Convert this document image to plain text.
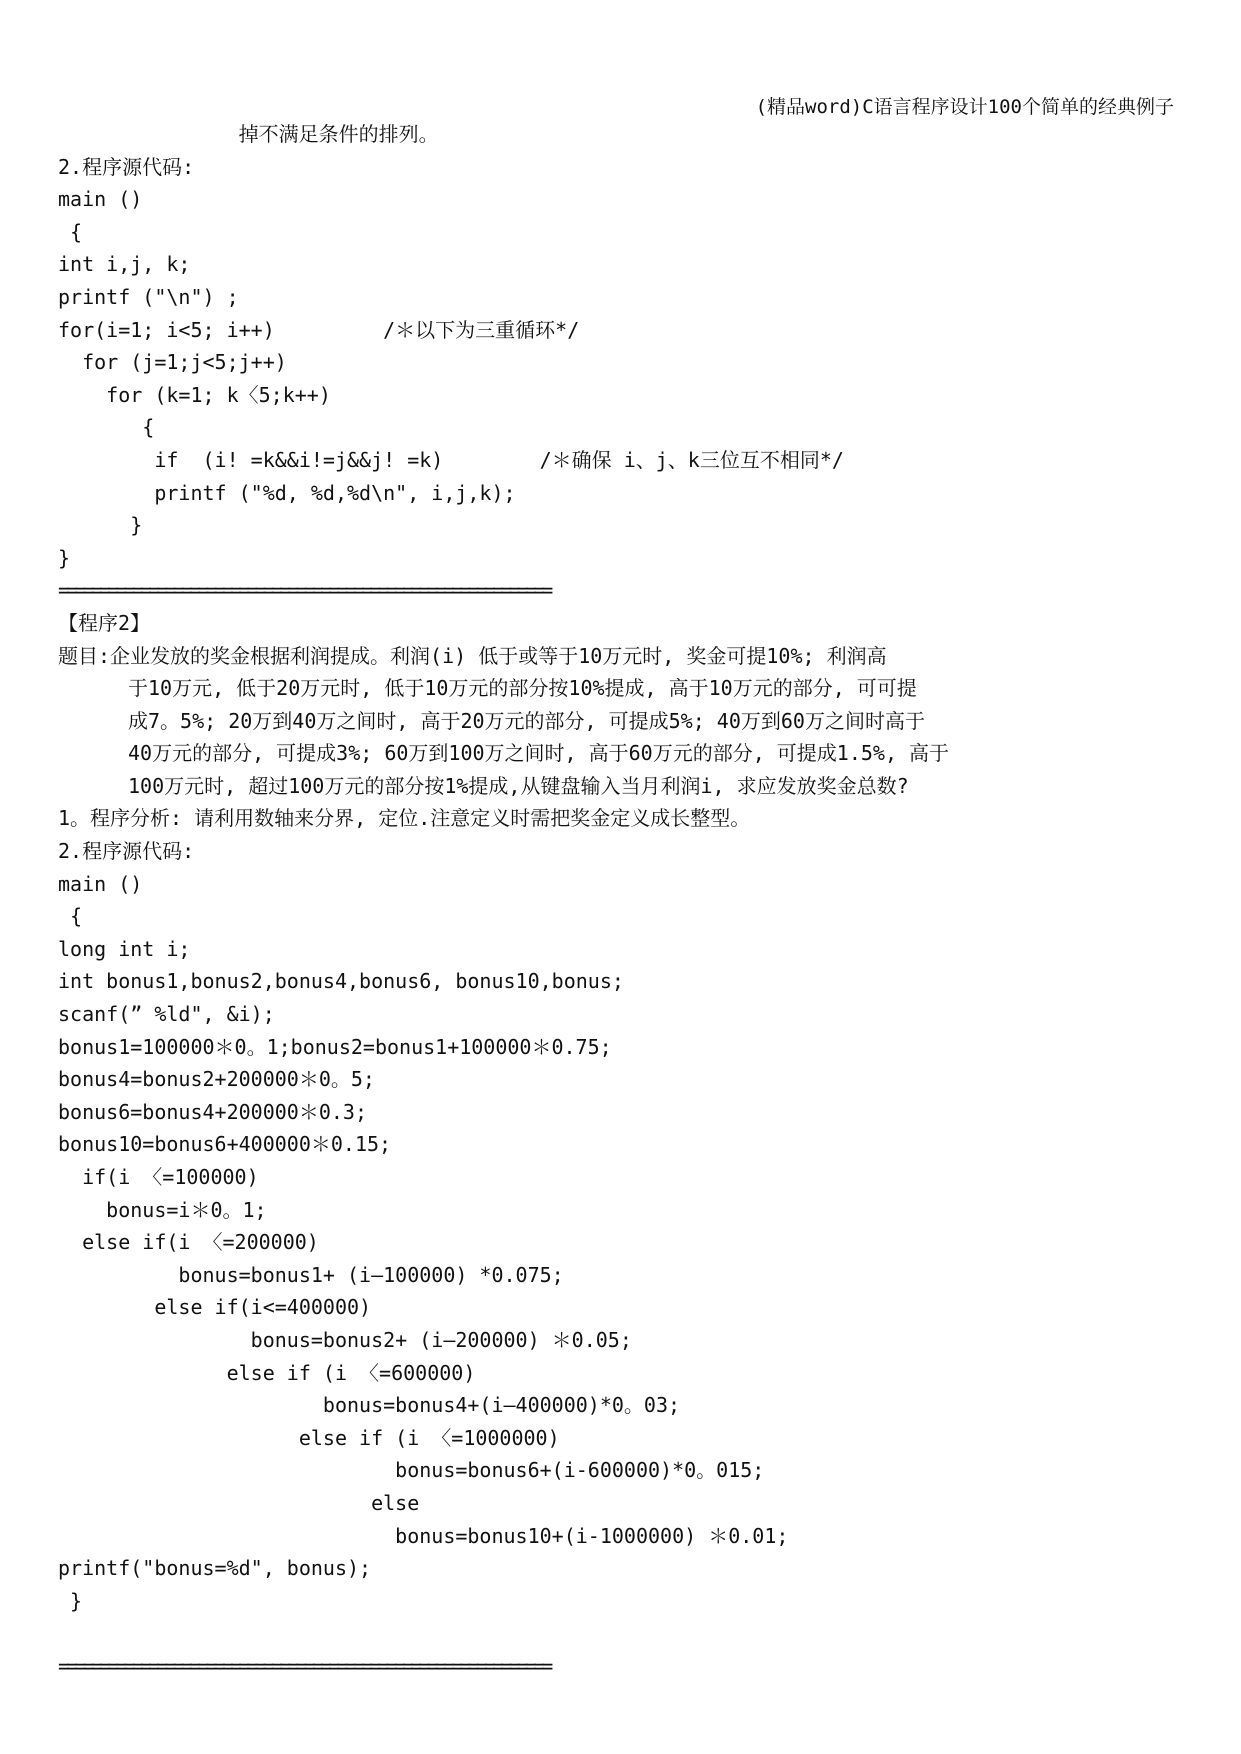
(精品word)C语言程序设计100个简单的经典例子
掉不满足条件的排列。
2.程序源代码:
main ()
{
int i,j, k;
printf ("\n") ;
for(i=1; i<5; i++)         /＊以下为三重循环*/
for (j=1;j<5;j++)
for (k=1; k〈5;k++)
{
if  (i! =k&&i!=j&&j! =k)        /＊确保 i、j、k三位互不相同*/
printf ("%d, %d,%d\n", i,j,k);
}
}
============================================================
【程序2】
题目:企业发放的奖金根据利润提成。利润(i) 低于或等于10万元时, 奖金可提10%; 利润高
于10万元, 低于20万元时, 低于10万元的部分按10%提成, 高于10万元的部分, 可可提
成7。5%; 20万到40万之间时, 高于20万元的部分, 可提成5%; 40万到60万之间时高于
40万元的部分, 可提成3%; 60万到100万之间时, 高于60万元的部分, 可提成1.5%, 高于
100万元时, 超过100万元的部分按1%提成,从键盘输入当月利润i, 求应发放奖金总数?
1。程序分析: 请利用数轴来分界, 定位.注意定义时需把奖金定义成长整型。
2.程序源代码:
main ()
{
long int i;
int bonus1,bonus2,bonus4,bonus6, bonus10,bonus;
scanf(” %ld", &i);
bonus1=100000＊0。1;bonus2=bonus1+100000＊0.75;
bonus4=bonus2+200000＊0。5;
bonus6=bonus4+200000＊0.3;
bonus10=bonus6+400000＊0.15;
if(i 〈=100000)
bonus=i＊0。1;
else if(i 〈=200000)
bonus=bonus1+ (i—100000) *0.075;
else if(i<=400000)
bonus=bonus2+ (i—200000) ＊0.05;
else if (i 〈=600000)
bonus=bonus4+(i—400000)*0。03;
else if (i 〈=1000000)
bonus=bonus6+(i-600000)*0。015;
else
bonus=bonus10+(i-1000000) ＊0.01;
printf("bonus=%d", bonus);
}
============================================================
